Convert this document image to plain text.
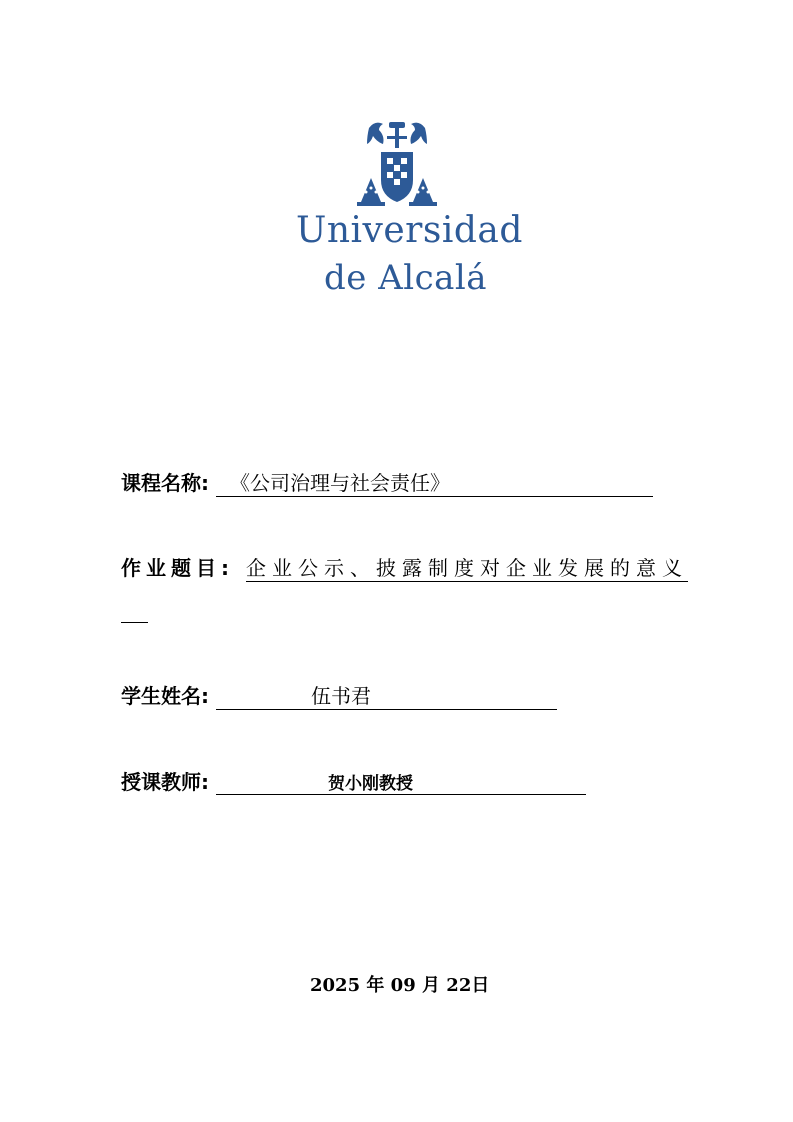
Universidad
de Alcalá
课程名称: 《公司治理与社会责任》
作业题目: 企业公示、披露制度对企业发展的意义
学生姓名:	伍书君
授课教师:	贺小刚教授
2025 年 09 月 22日
